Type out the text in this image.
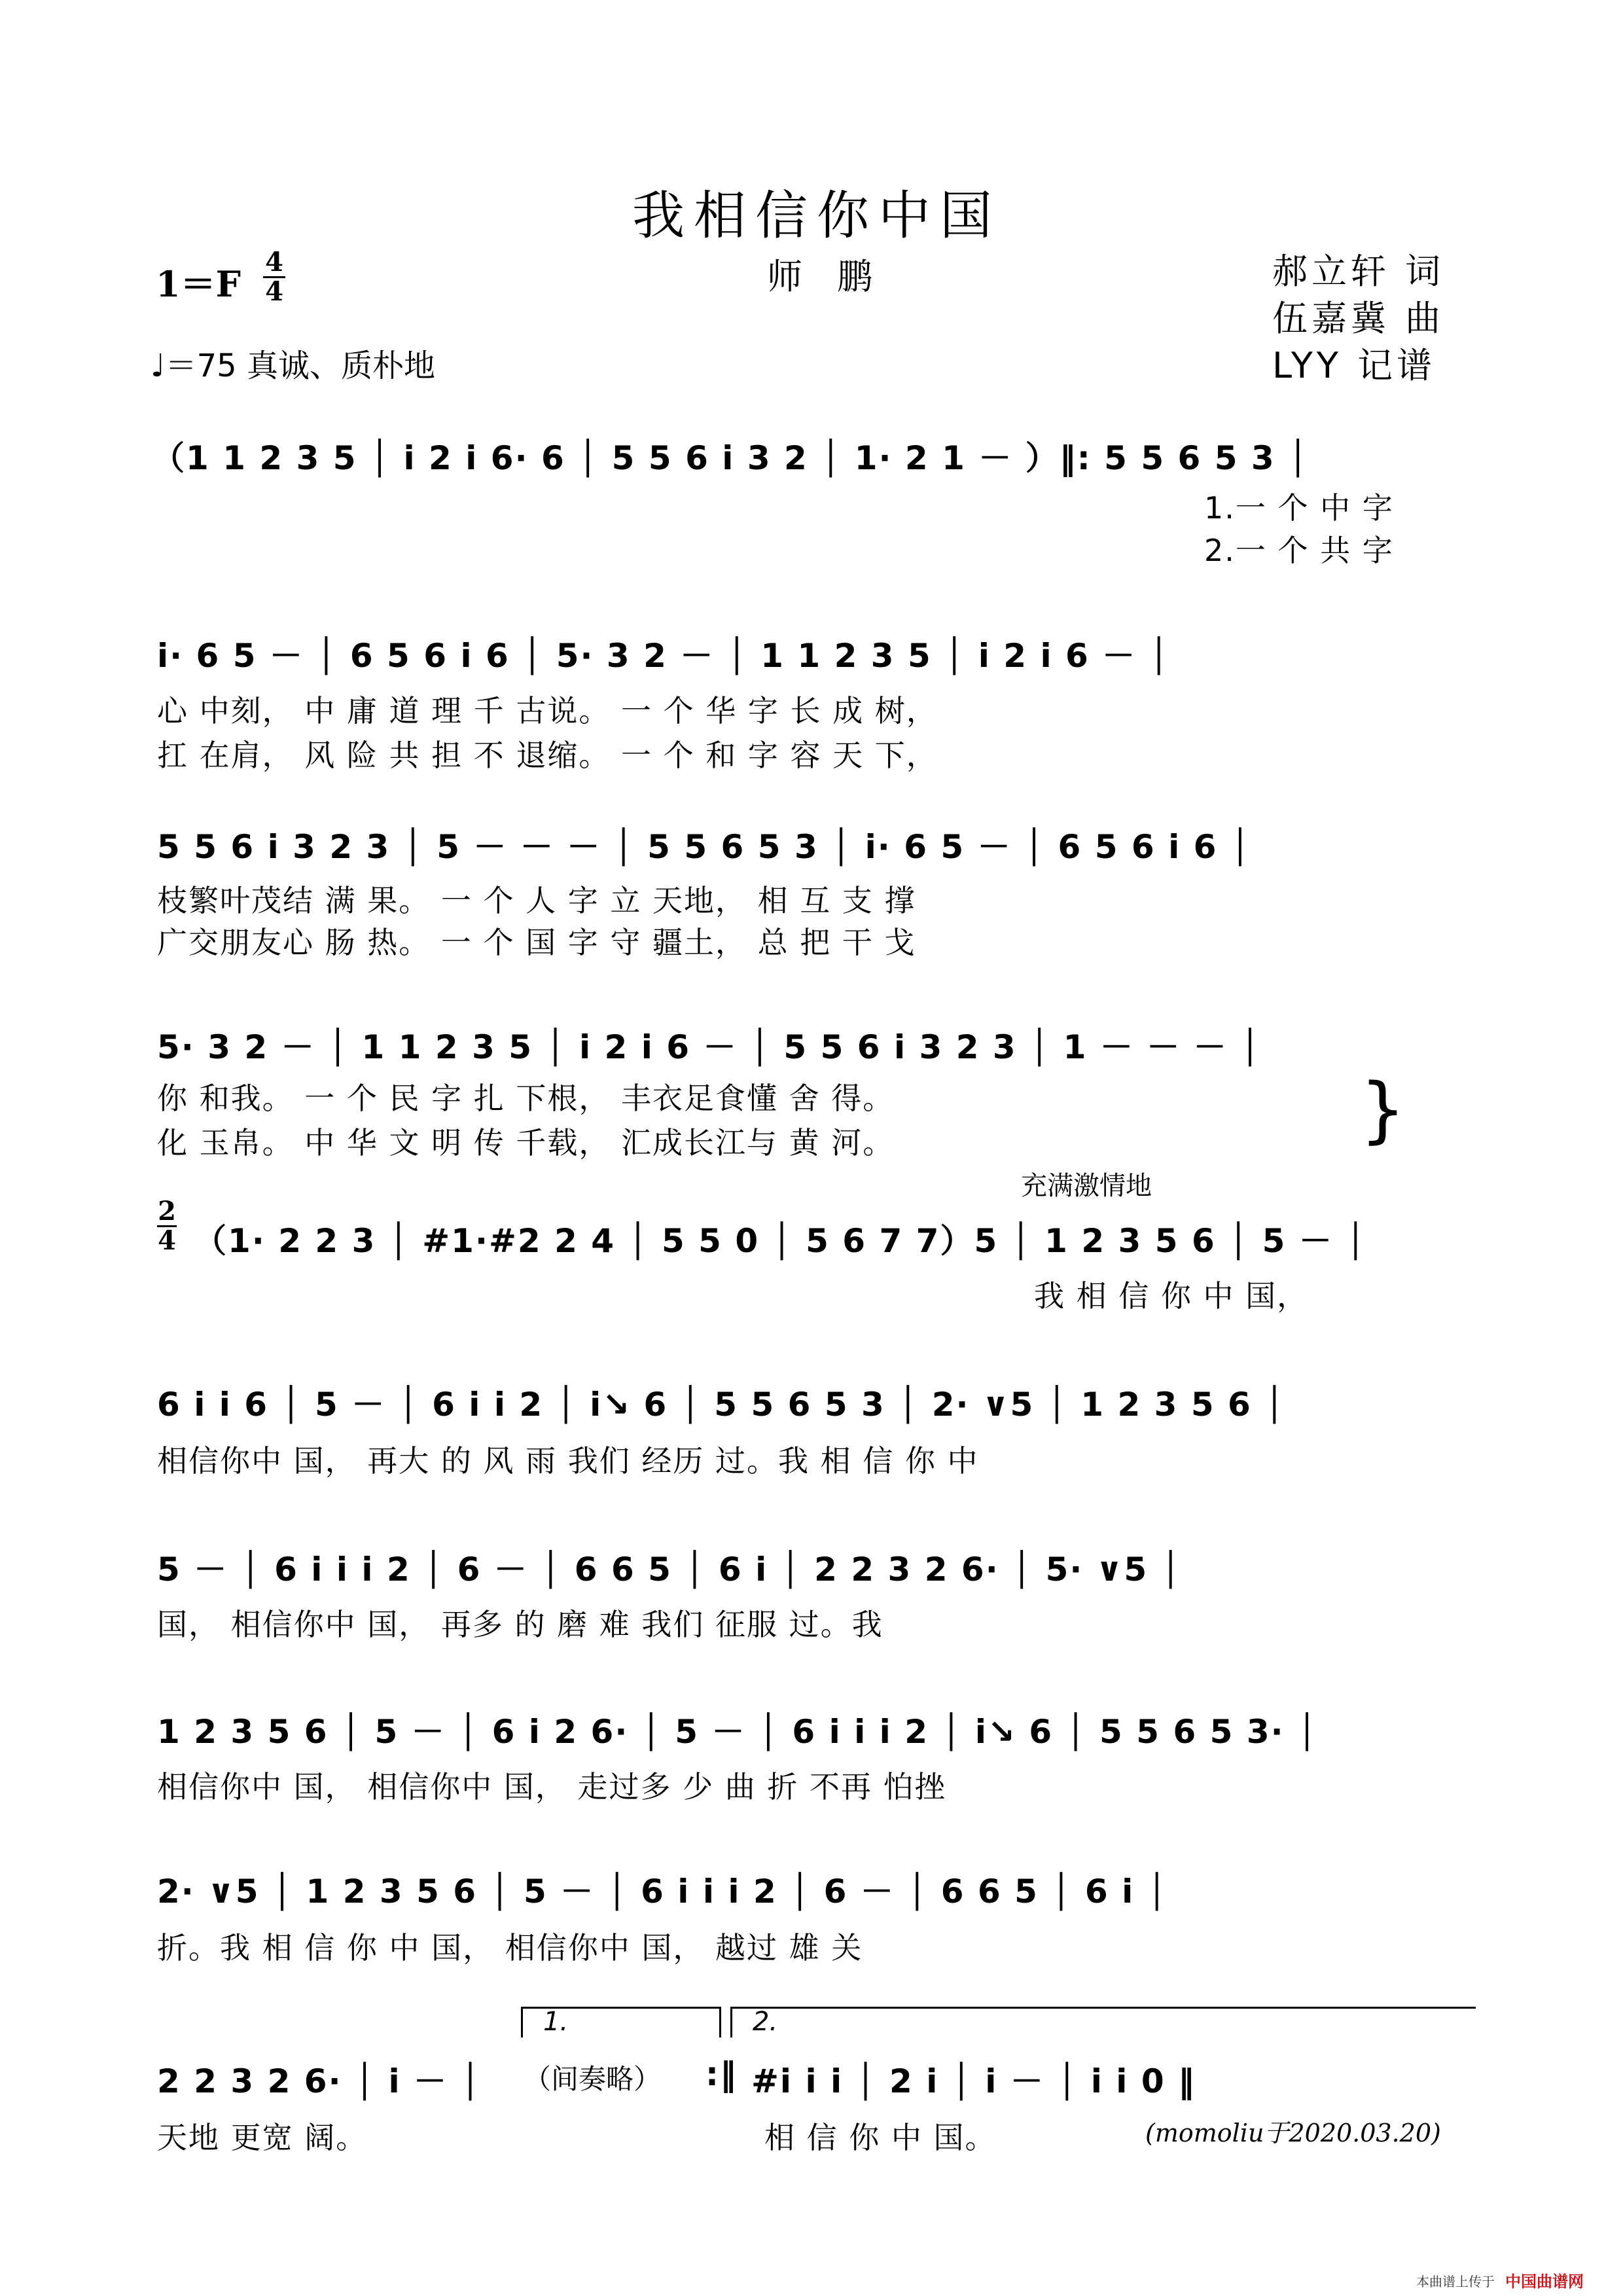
我相信你中国
师 鹏	郝立轩 词
伍嘉冀 曲
LYY 记谱
1＝F
4
4
♩＝75 真诚、质朴地
（1 1 2 3 5 │ i 2 i 6· 6 │ 5 5 6 i 3 2 │ 1· 2 1 － ）‖: 5 5 6 5 3 │
1.一 个 中 字
2.一 个 共 字
i· 6 5 － │ 6 5 6 i 6 │ 5· 3 2 － │ 1 1 2 3 5 │ i 2 i 6 － │
心 中刻， 中 庸 道 理 千 古说。 一 个 华 字 长 成 树，
扛 在肩， 风 险 共 担 不 退缩。 一 个 和 字 容 天 下，
5 5 6 i 3 2 3 │ 5 － － － │ 5 5 6 5 3 │ i· 6 5 － │ 6 5 6 i 6 │
枝繁叶茂结 满 果。 一 个 人 字 立 天地， 相 互 支 撑
广交朋友心 肠 热。 一 个 国 字 守 疆土， 总 把 干 戈
5· 3 2 － │ 1 1 2 3 5 │ i 2 i 6 － │ 5 5 6 i 3 2 3 │ 1 － － － │
你 和我。 一 个 民 字 扎 下根， 丰衣足食懂 舍 得。
化 玉帛。 中 华 文 明 传 千载， 汇成长江与 黄 河。	}
充满激情地
2
4 （1· 2 2 3 │ #1·#2 2 4 │ 5 5 0 │ 5 6 7 7）5 │ 1 2 3 5 6 │ 5 － │
我 相 信 你 中 国，
6 i i 6 │ 5 － │ 6 i i 2 │ i↘ 6 │ 5 5 6 5 3 │ 2· ∨5 │ 1 2 3 5 6 │
相信你中 国， 再大 的 风 雨 我们 经历 过。我 相 信 你 中
5 － │ 6 i i i 2 │ 6 － │ 6 6 5 │ 6 i │ 2 2 3 2 6· │ 5· ∨5 │
国， 相信你中 国， 再多 的 磨 难 我们 征服 过。我
1 2 3 5 6 │ 5 － │ 6 i 2 6· │ 5 － │ 6 i i i 2 │ i↘ 6 │ 5 5 6 5 3· │
相信你中 国， 相信你中 国， 走过多 少 曲 折 不再 怕挫
2· ∨5 │ 1 2 3 5 6 │ 5 － │ 6 i i i 2 │ 6 － │ 6 6 5 │ 6 i │
折。我 相 信 你 中 国， 相信你中 国， 越过 雄 关
1.	2.
2 2 3 2 6· │ i － │ （间奏略） :‖ #i i i │ 2 i │ i － │ i i 0 ‖
天地 更宽 阔。	相 信 你 中 国。	(momoliu于2020.03.20)
本曲谱上传于 中国曲谱网
